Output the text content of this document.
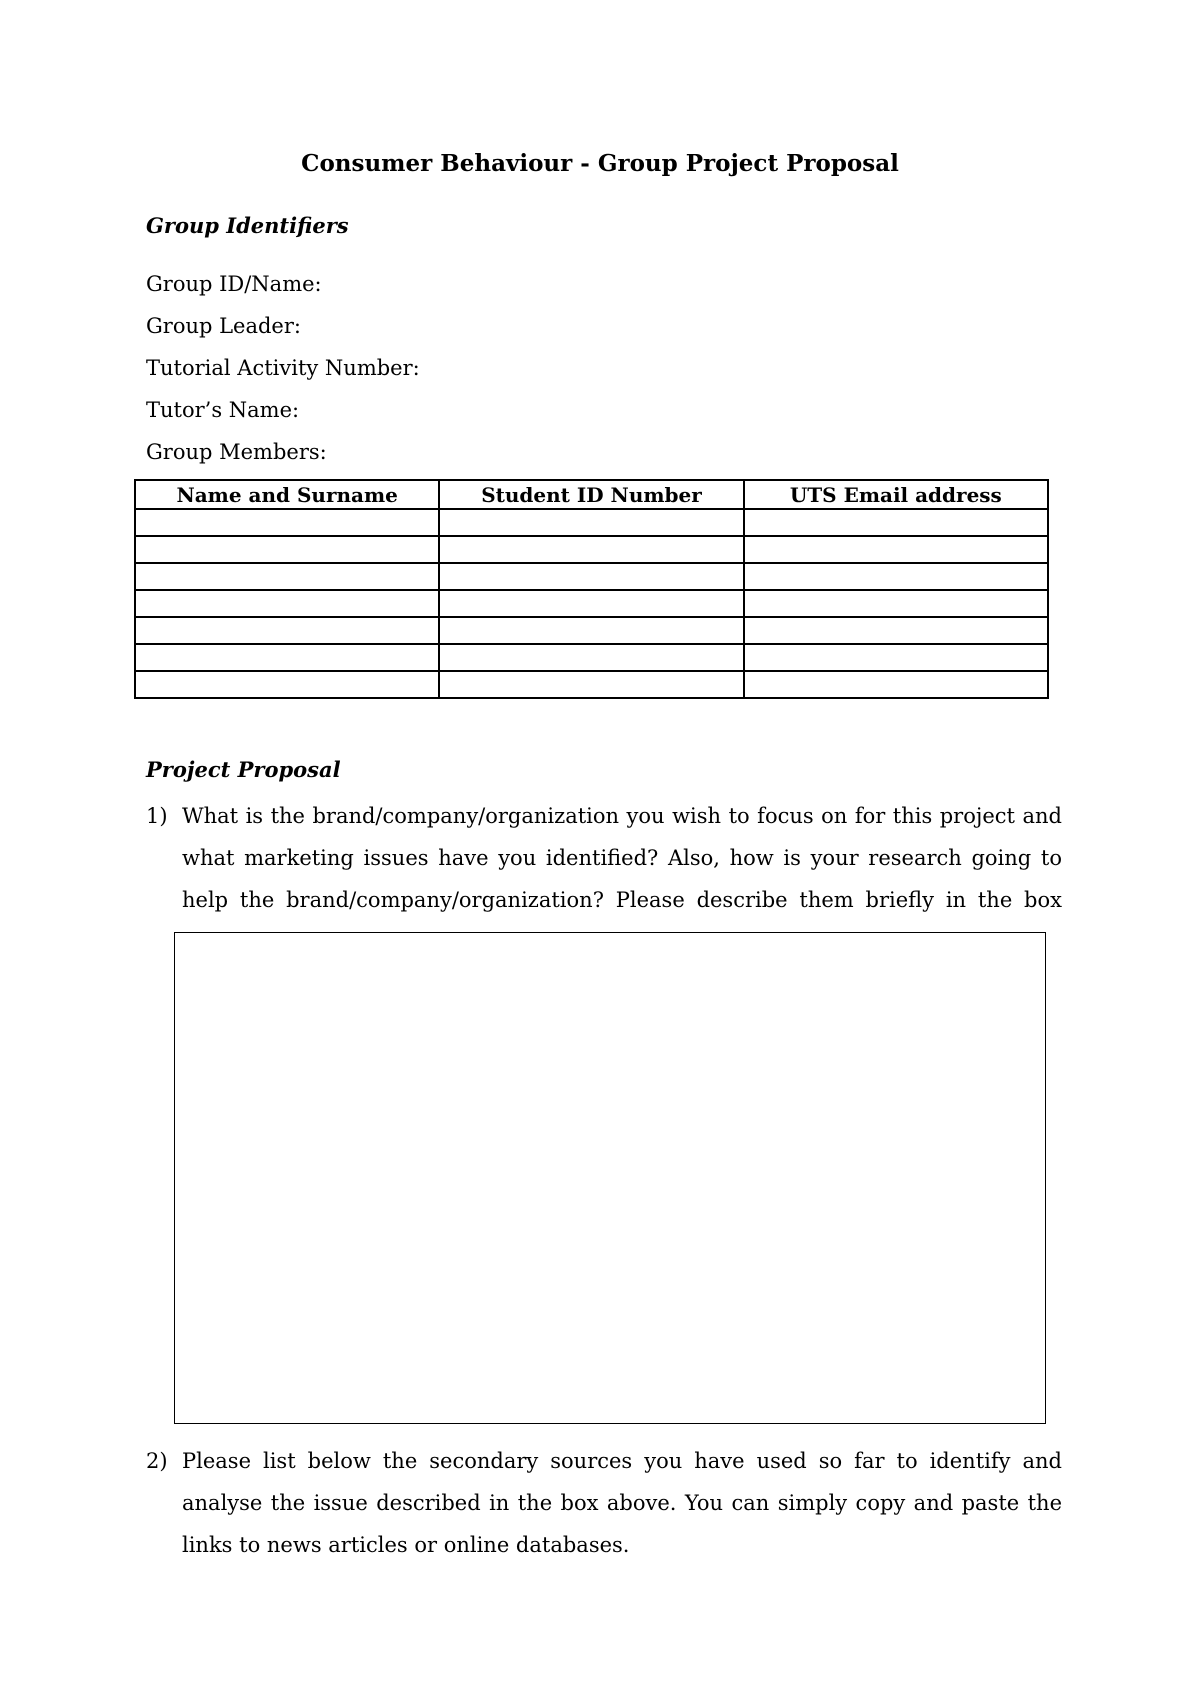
Consumer Behaviour - Group Project Proposal
Group Identifiers
Group ID/Name:
Group Leader:
Tutorial Activity Number:
Tutor’s Name:
Group Members:
Name and Surname	Student ID Number	UTS Email address

Project Proposal
1) What is the brand/company/organization you wish to focus on for this project and what marketing issues have you identified? Also, how is your research going to help the brand/company/organization? Please describe them briefly in the box
2) Please list below the secondary sources you have used so far to identify and analyse the issue described in the box above. You can simply copy and paste the links to news articles or online databases.
